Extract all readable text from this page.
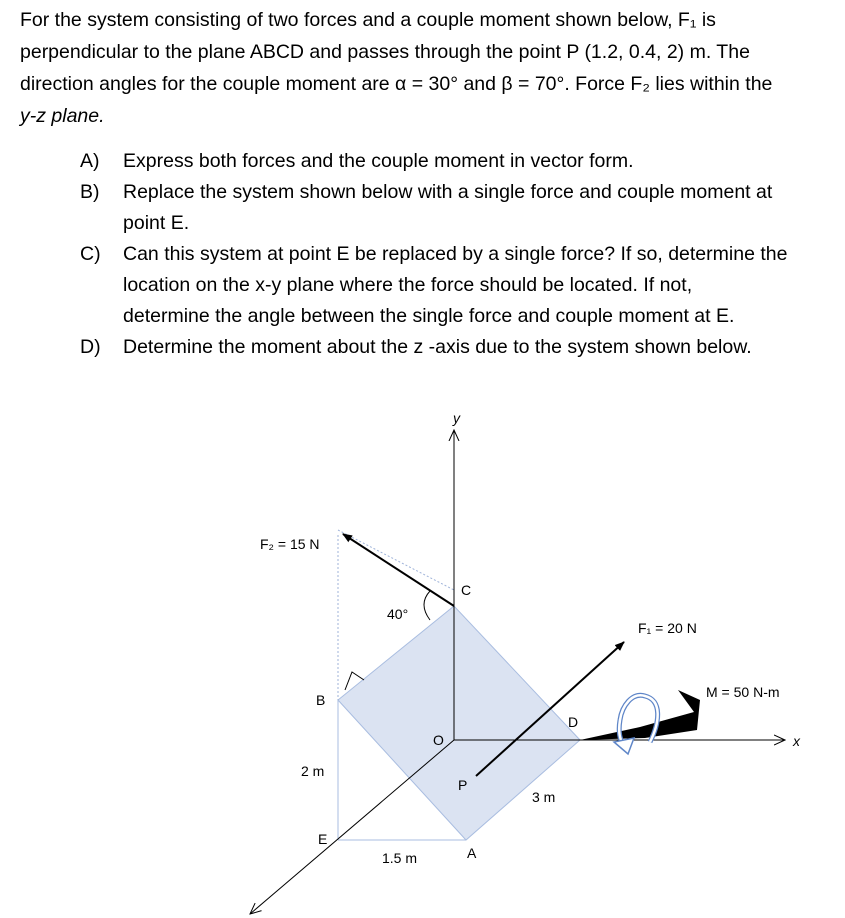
For the system consisting of two forces and a couple moment shown below, F₁ is

perpendicular to the plane ABCD and passes through the point P (1.2, 0.4, 2) m. The

direction angles for the couple moment are α = 30° and β = 70°. Force F₂ lies within the

y-z plane.

A)	Express both forces and the couple moment in vector form.
B)	Replace the system shown below with a single force and couple moment at
point E.
C)	Can this system at point E be replaced by a single force? If so, determine the
location on the x-y plane where the force should be located. If not,
determine the angle between the single force and couple moment at E.
D)	Determine the moment about the z -axis due to the system shown below.
y
x
F₂ = 15 N
F₁ = 20 N
M = 50 N-m
40°
C
B
D
O
P
E
A
2 m
3 m
1.5 m
